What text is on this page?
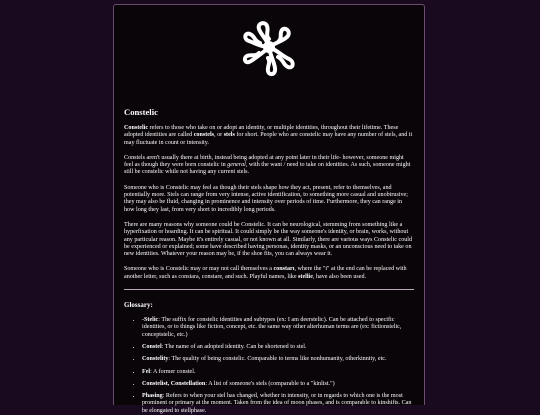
Constelic

Constelic refers to those who take on or adopt an identity, or multiple identities, throughout their lifetime. These adopted identities are called constels, or stels for short. People who are constelic may have any number of stels, and it may fluctuate in count or intensity.

Constels aren't usually there at birth, instead being adopted at any point later in their life- however, someone might feel as though they were born constelic in general, with the want / need to take on identities. As such, someone might still be constelic while not having any current stels.

Someone who is Constelic may feel as though their stels shape how they act, present, refer to themselves, and potentially more. Stels can range from very intense, active identification, to something more casual and unobtrusive; they may also be fluid, changing in prominence and intensity over periods of time. Furthermore, they can range in how long they last, from very short to incredibly long periods.

There are many reasons why someone could be Constelic. It can be neurological, stemming from something like a hyperfixation or hoarding. It can be spiritual. It could simply be the way someone's identity, or brain, works, without any particular reason. Maybe it's entirely casual, or not known at all. Similarly, there are various ways Constelic could be experienced or explained; some have described having personas, identity masks, or an unconscious need to take on new identities. Whatever your reason may be, if the shoe fits, you can always wear it.

Someone who is Constelic may or may not call themselves a constarı, where the "i" at the end can be replaced with another letter, such as constara, constare, and such. Playful names, like stellie, have also been used.

Glossary:
• -Stelic: The suffix for constelic identities and subtypes (ex: I am deerstelic). Can be attached to specific identities, or to things like fiction, concept, etc. the same way other alterhuman terms are (ex: fictionstelic, conceptstelic, etc.)
• Constel: The name of an adopted identity. Can be shortened to stel.
• Constelity: The quality of being constelic. Comparable to terms like nonhumanity, otherkinnity, etc.
• Fel: A former constel.
• Constelist, Constellation: A list of someone's stels (comparable to a "kinlist.")
• Phasing: Refers to when your stel has changed, whether in intensity, or in regards to which one is the most prominent or primary at the moment. Taken from the idea of moon phases, and is comparable to kinshifts. Can be elongated to stellphase.
